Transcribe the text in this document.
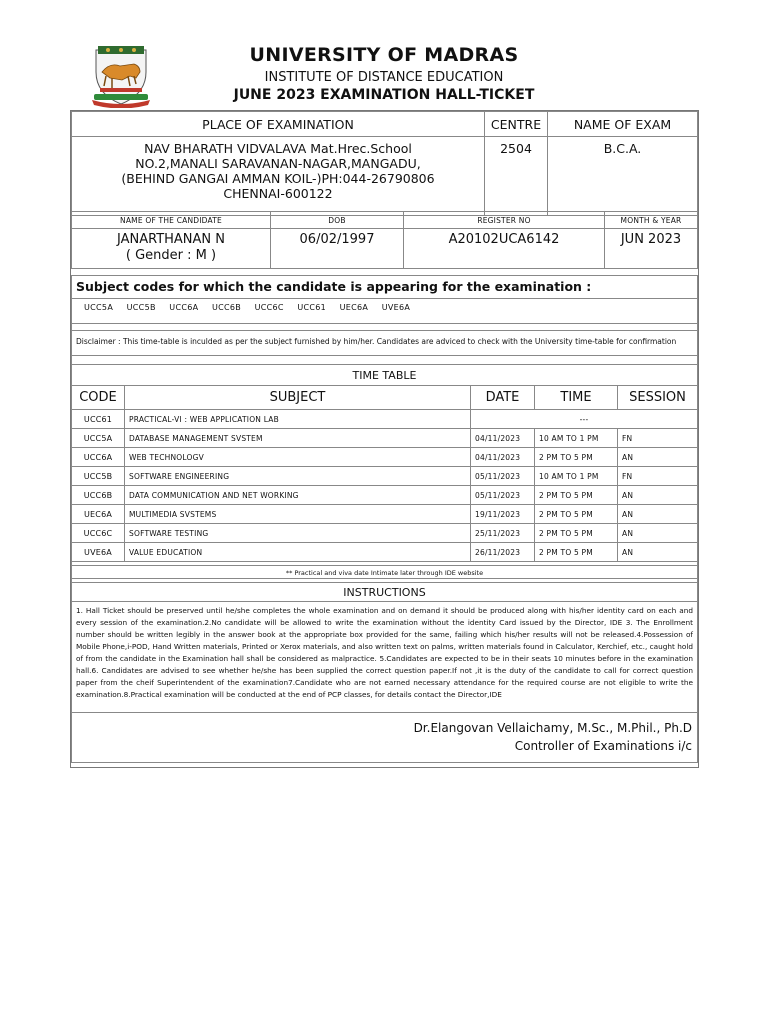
UNIVERSITY OF MADRAS
INSTITUTE OF DISTANCE EDUCATION
JUNE 2023 EXAMINATION HALL-TICKET
PLACE OF EXAMINATION	CENTRE	NAME OF EXAM

NAV BHARATH VIDVALAVA Mat.Hrec.School
NO.2,MANALI SARAVANAN-NAGAR,MANGADU,
(BEHIND GANGAI AMMAN KOIL-)PH:044-26790806
CHENNAI-600122	2504	B.C.A.
NAME OF THE CANDIDATE	DOB	REGISTER NO	MONTH & YEAR

JANARTHANAN N
( Gender : M )	06/02/1997	A20102UCA6142	JUN 2023
Subject codes for which the candidate is appearing for the examination :
UCC5A UCC5B UCC6A UCC6B UCC6C UCC61 UEC6A UVE6A
Disclaimer : This time-table is inculded as per the subject furnished by him/her. Candidates are adviced to check with the University time-table for confirmation
TIME TABLE
CODE	SUBJECT	DATE	TIME	SESSION
UCC61	PRACTICAL-VI : WEB APPLICATION LAB	---		
UCC5A	DATABASE MANAGEMENT SVSTEM	04/11/2023	10 AM TO 1 PM	FN
UCC6A	WEB TECHNOLOGV	04/11/2023	2 PM TO 5 PM	AN
UCC5B	SOFTWARE ENGINEERING	05/11/2023	10 AM TO 1 PM	FN
UCC6B	DATA COMMUNICATION AND NET WORKING	05/11/2023	2 PM TO 5 PM	AN
UEC6A	MULTIMEDIA SVSTEMS	19/11/2023	2 PM TO 5 PM	AN
UCC6C	SOFTWARE TESTING	25/11/2023	2 PM TO 5 PM	AN
UVE6A	VALUE EDUCATION	26/11/2023	2 PM TO 5 PM	AN
** Practical and viva date Intimate later through IDE website
INSTRUCTIONS
1. Hall Ticket should be preserved until he/she completes the whole examination and on demand it should be produced along with his/her identity card on each and every session of the examination.2.No candidate will be allowed to write the examination without the identity Card issued by the Director, IDE 3. The Enrollment number should be written legibly in the answer book at the appropriate box provided for the same, failing which his/her results will not be released.4.Possession of Mobile Phone,i-POD, Hand Written materials, Printed or Xerox materials, and also written text on palms, written materials found in Calculator, Kerchief, etc., caught hold of from the candidate in the Examination hall shall be considered as malpractice. 5.Candidates are expected to be in their seats 10 minutes before in the examination hall.6. Candidates are advised to see whether he/she has been supplied the correct question paper.If not ,it is the duty of the candidate to call for correct question paper from the cheif Superintendent of the examination7.Candidate who are not earned necessary attendance for the required course are not eligible to write the examination.8.Practical examination will be conducted at the end of PCP classes, for details contact the Director,IDE
Dr.Elangovan Vellaichamy, M.Sc., M.Phil., Ph.D
Controller of Examinations i/c
